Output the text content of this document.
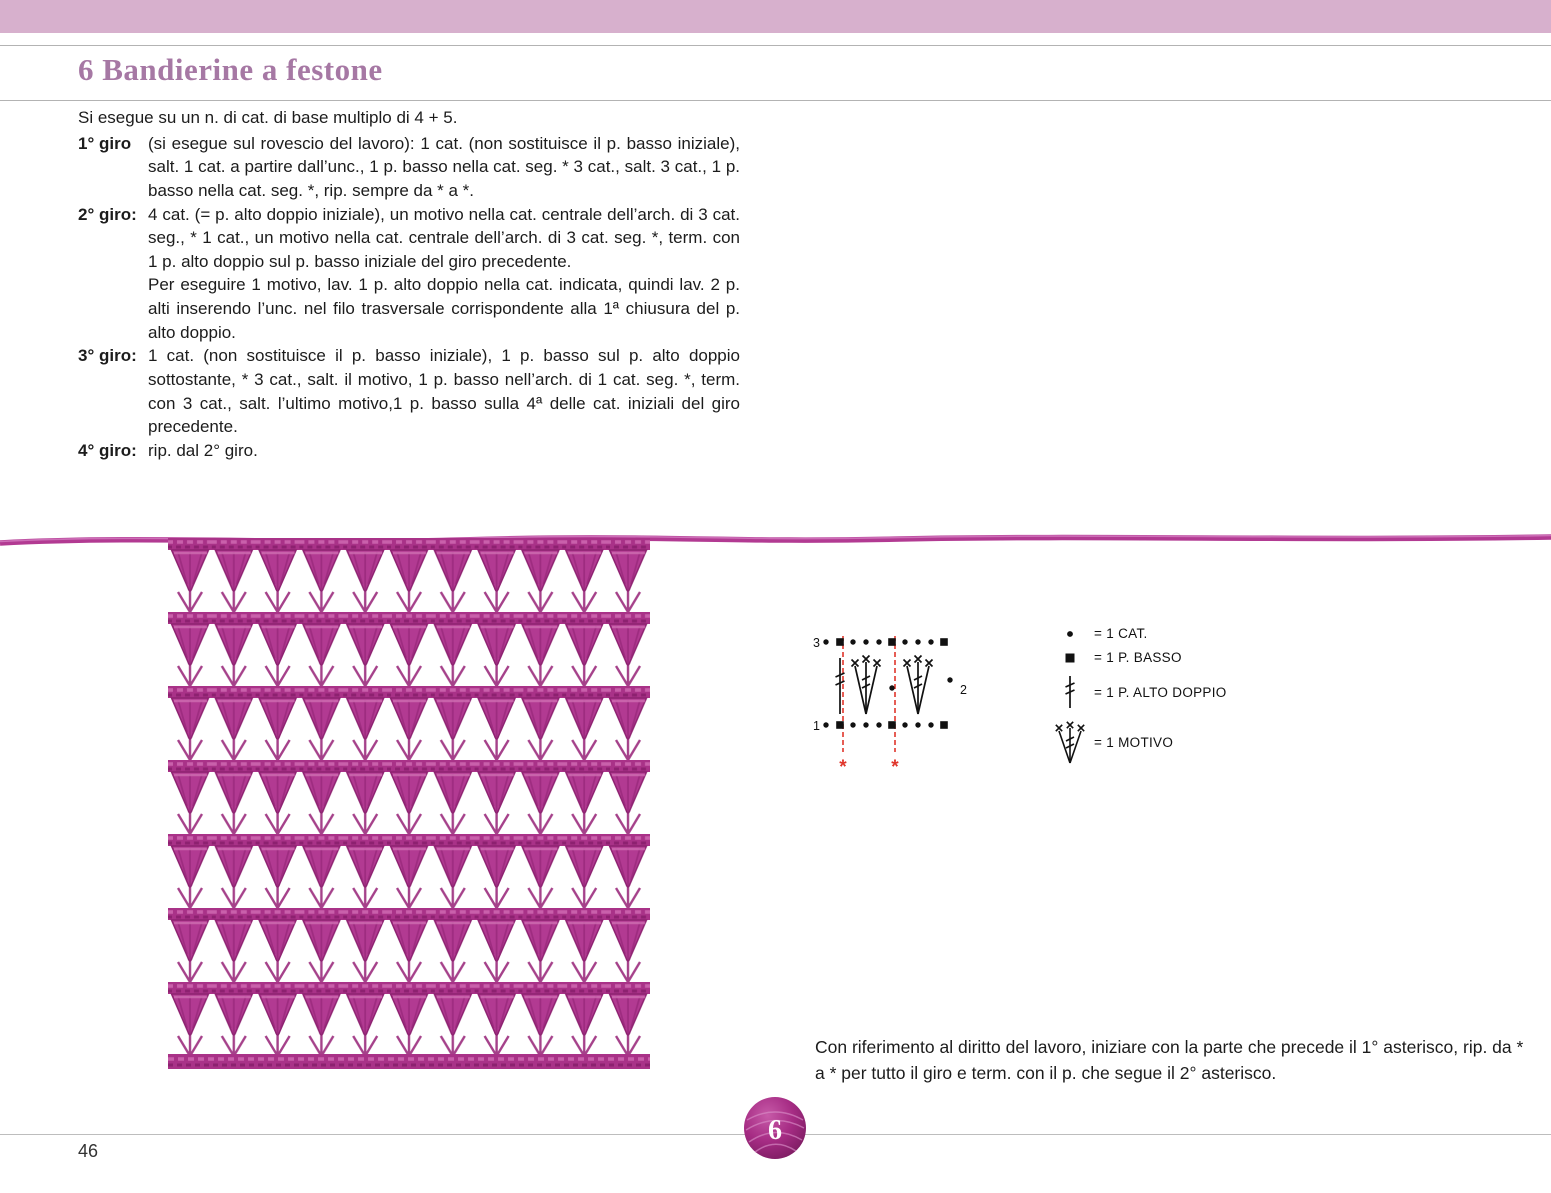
6 Bandierine a festone

Si esegue su un n. di cat. di base multiplo di 4 + 5.

1° giro (si esegue sul rovescio del lavoro): 1 cat. (non sostituisce il p. basso iniziale), salt. 1 cat. a partire dall’unc., 1 p. basso nella cat. seg. * 3 cat., salt. 3 cat., 1 p. basso nella cat. seg. *, rip. sempre da * a *.

2° giro: 4 cat. (= p. alto doppio iniziale), un motivo nella cat. centrale dell’arch. di 3 cat. seg., * 1 cat., un motivo nella cat. centrale dell’arch. di 3 cat. seg. *, term. con 1 p. alto doppio sul p. basso iniziale del giro precedente.

Per eseguire 1 motivo, lav. 1 p. alto doppio nella cat. indicata, quindi lav. 2 p. alti inserendo l’unc. nel filo trasversale corrispondente alla 1ª chiusura del p. alto doppio.

3° giro: 1 cat. (non sostituisce il p. basso iniziale), 1 p. basso sul p. alto doppio sottostante, * 3 cat., salt. il motivo, 1 p. basso nell’arch. di 1 cat. seg. *, term. con 3 cat., salt. l’ultimo motivo,1 p. basso sulla 4ª delle cat. iniziali del giro precedente.

4° giro: rip. dal 2° giro.

* *
3
2
1
= 1 CAT.
= 1 P. BASSO
= 1 P. ALTO DOPPIO
= 1 MOTIVO

Con riferimento al diritto del lavoro, iniziare con la parte che precede il 1° asterisco, rip. da * a * per tutto il giro e term. con il p. che segue il 2° asterisco.

46
6
